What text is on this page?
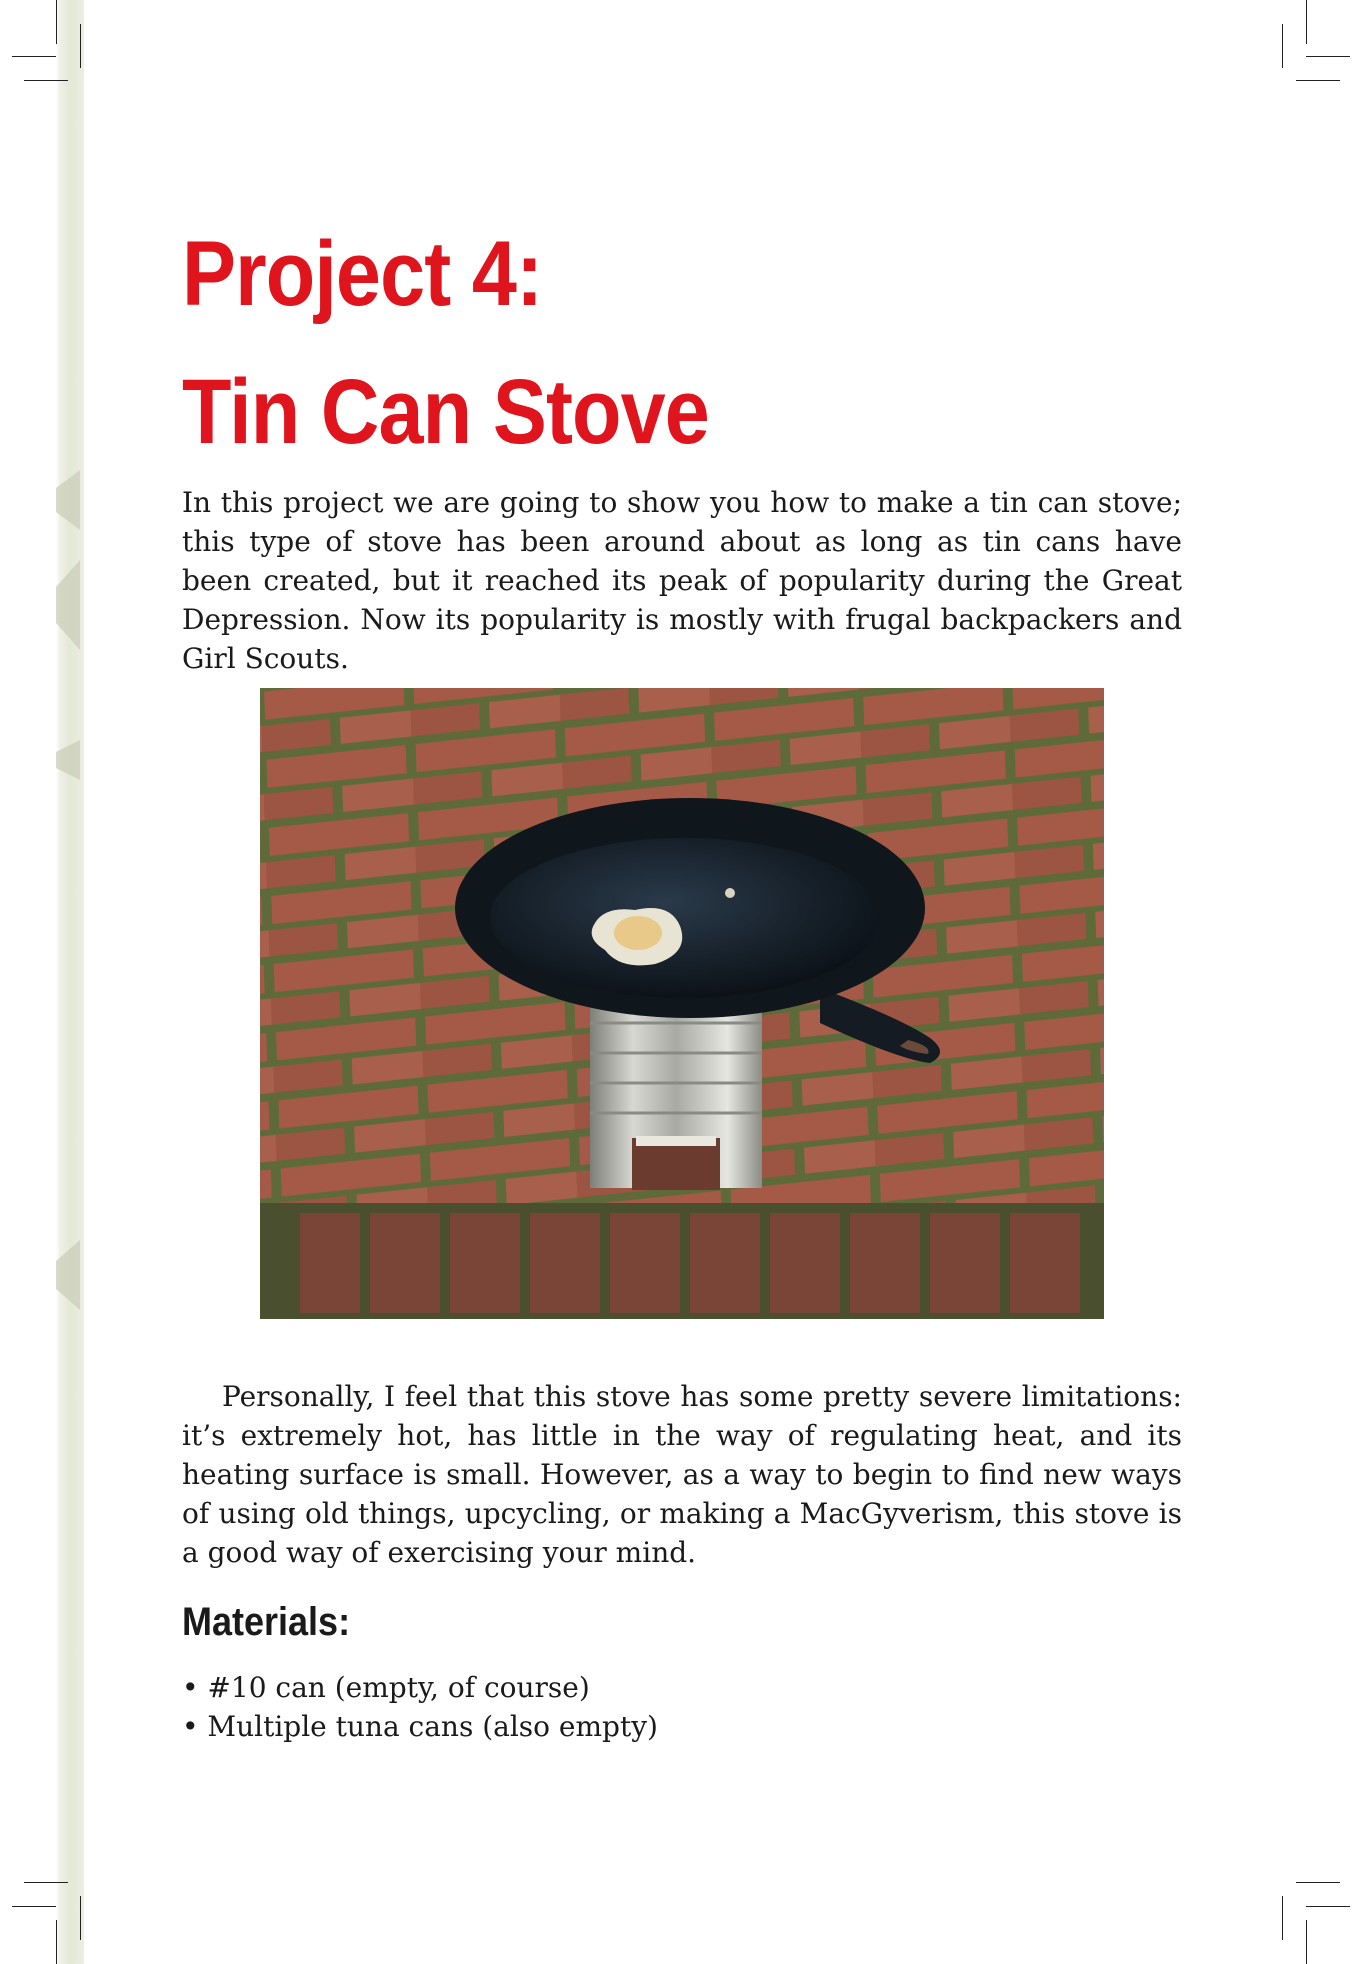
Project 4:
Tin Can Stove

In this project we are going to show you how to make a tin can stove; this type of stove has been around about as long as tin cans have been created, but it reached its peak of popularity during the Great Depression. Now its popularity is mostly with frugal backpackers and Girl Scouts.

Personally, I feel that this stove has some pretty severe limitations: it’s extremely hot, has little in the way of regulating heat, and its heating surface is small. However, as a way to begin to find new ways of using old things, upcycling, or making a MacGyverism, this stove is a good way of exercising your mind.

Materials:
• #10 can (empty, of course)
• Multiple tuna cans (also empty)
